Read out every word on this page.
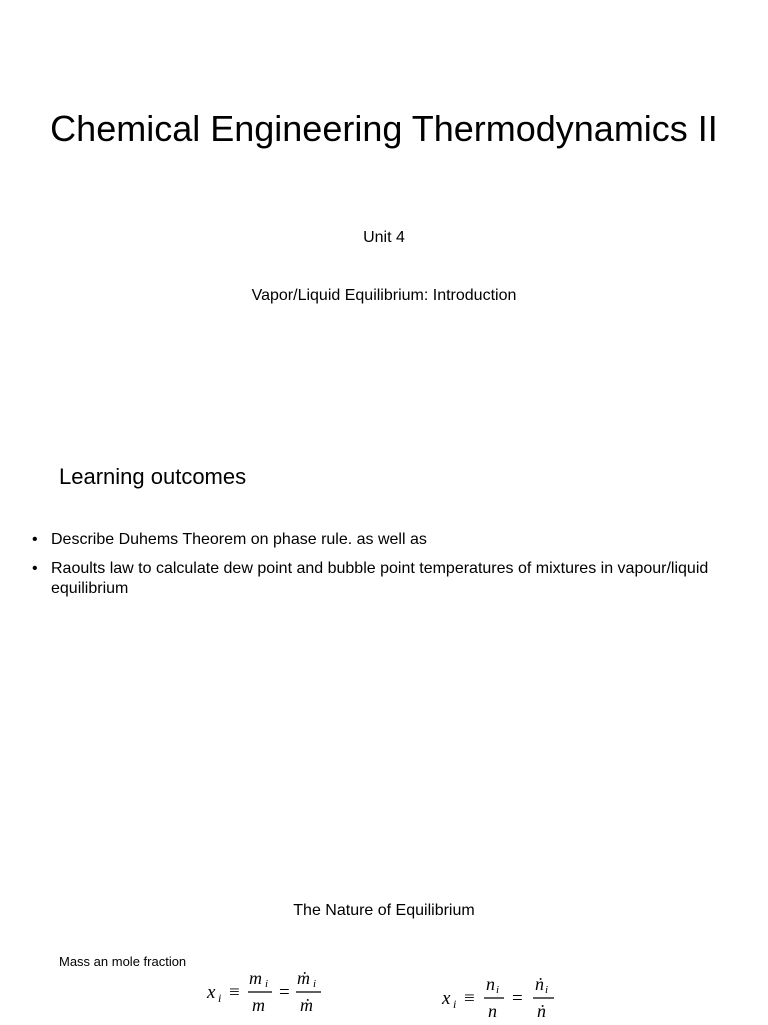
Chemical Engineering Thermodynamics II
Unit 4
Vapor/Liquid Equilibrium: Introduction
Learning outcomes
• Describe Duhems Theorem on phase rule. as well as
• Raoults law to calculate dew point and bubble point temperatures of mixtures in vapour/liquid equilibrium
The Nature of Equilibrium
Mass an mole fraction
x i ≡
m i
m
=
ṁ i
ṁ	x i ≡
n i
n
=
ṅ i
ṅ
